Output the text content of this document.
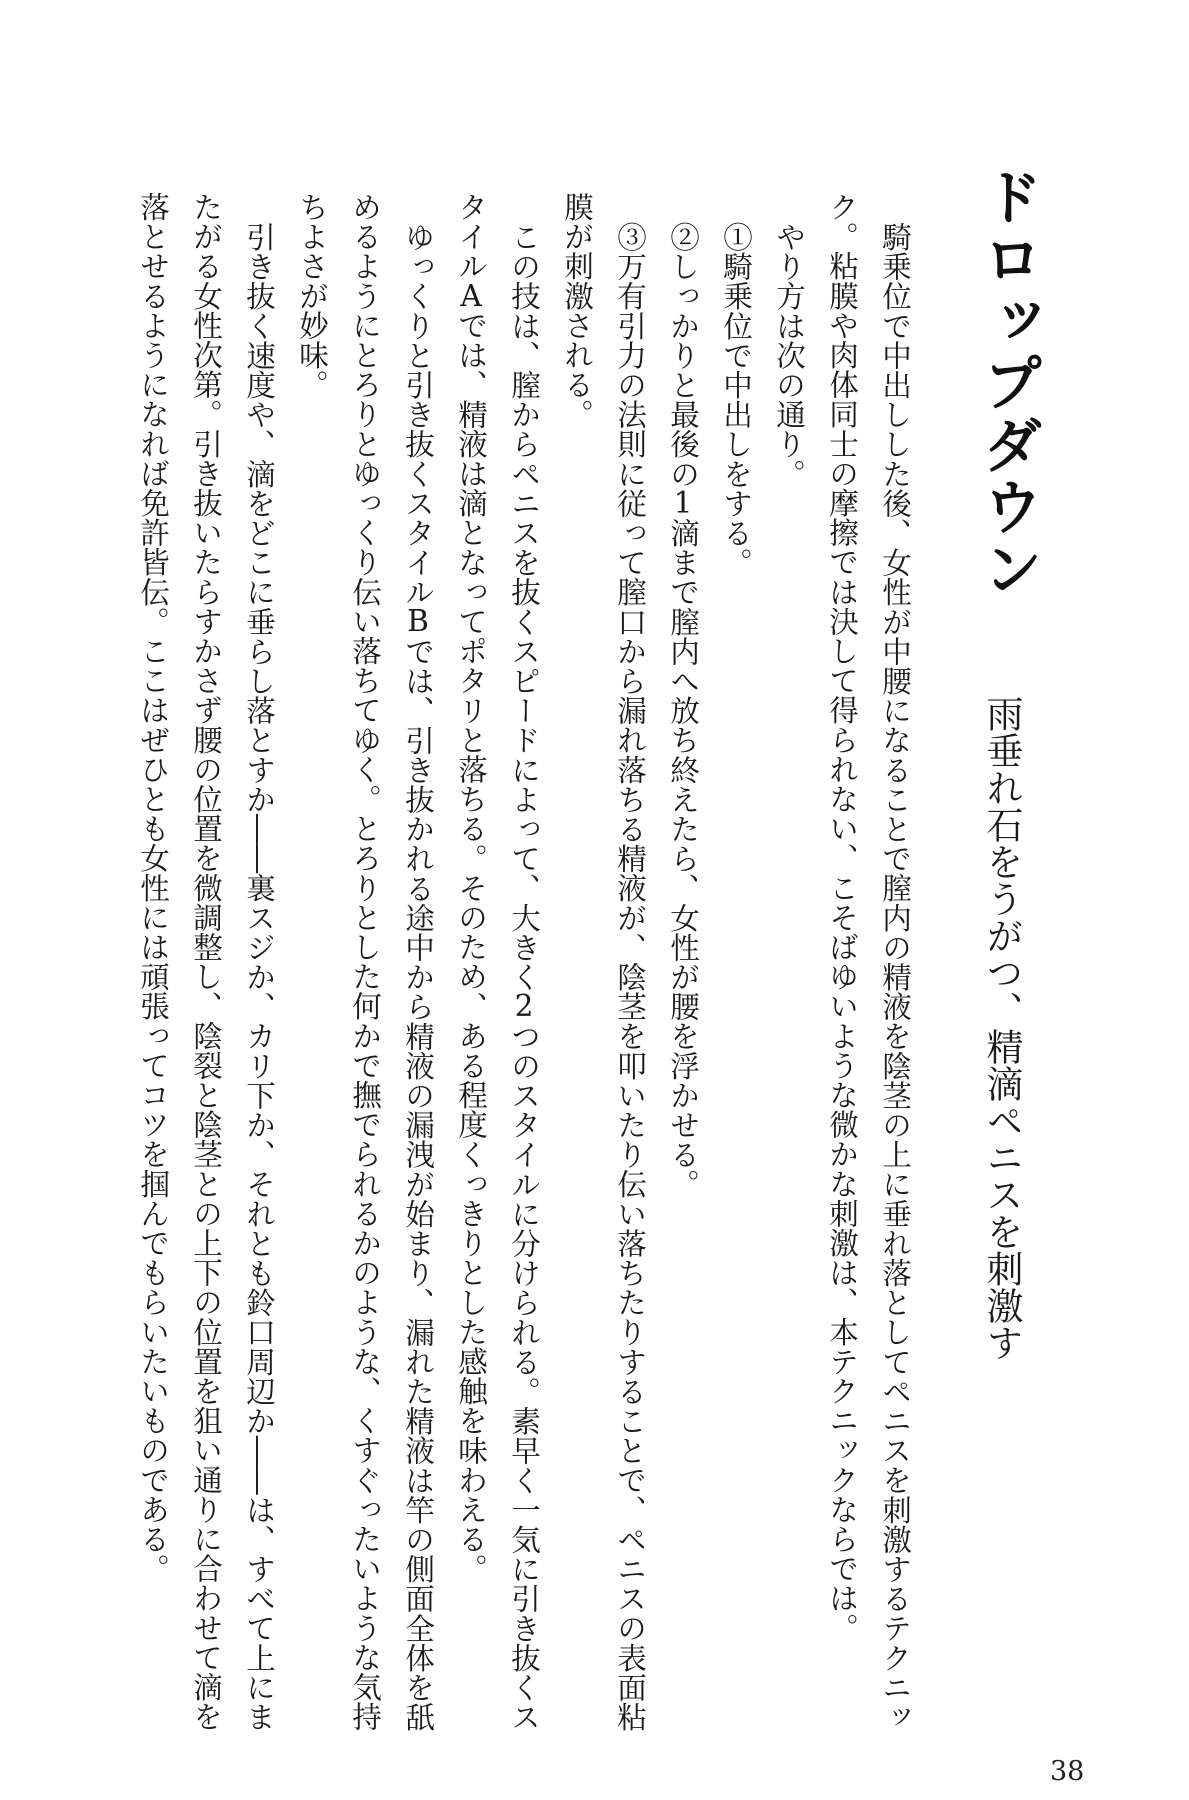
ドロップダウン
雨垂れ石をうがつ、精滴ペニスを刺激す
騎乗位で中出しした後、女性が中腰になることで膣内の精液を陰茎の上に垂れ落としてペニスを刺激するテクニッ
ク。粘膜や肉体同士の摩擦では決して得られない、こそばゆいような微かな刺激は、本テクニックならでは。
やり方は次の通り。
①騎乗位で中出しをする。
②しっかりと最後の1滴まで膣内へ放ち終えたら、女性が腰を浮かせる。
③万有引力の法則に従って膣口から漏れ落ちる精液が、陰茎を叩いたり伝い落ちたりすることで、ペニスの表面粘
膜が刺激される。
この技は、膣からペニスを抜くスピードによって、大きく2つのスタイルに分けられる。素早く一気に引き抜くス
タイルAでは、精液は滴となってポタリと落ちる。そのため、ある程度くっきりとした感触を味わえる。
ゆっくりと引き抜くスタイルBでは、引き抜かれる途中から精液の漏洩が始まり、漏れた精液は竿の側面全体を舐
めるようにとろりとゆっくり伝い落ちてゆく。とろりとした何かで撫でられるかのような、くすぐったいような気持
ちよさが妙味。
引き抜く速度や、滴をどこに垂らし落とすか――裏スジか、カリ下か、それとも鈴口周辺か――は、すべて上にま
たがる女性次第。引き抜いたらすかさず腰の位置を微調整し、陰裂と陰茎との上下の位置を狙い通りに合わせて滴を
落とせるようになれば免許皆伝。ここはぜひとも女性には頑張ってコツを掴んでもらいたいものである。
38
